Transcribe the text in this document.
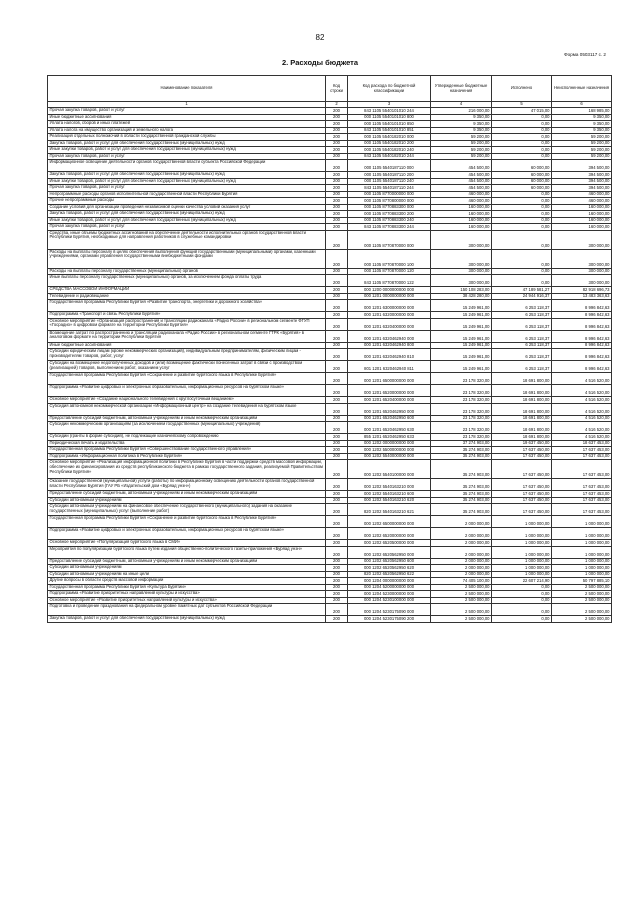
82
Форма 0503117 с. 2
2. Расходы бюджета
Наименование показателя	Код строки	Код расхода по бюджетной классификации	Утвержденные бюджетные назначения	Исполнено	Неисполненные назначения
1	2	3	4	5	6
Прочая закупка товаров, работ и услуг	200	843 1105 5540101010 244	216 000,00	47 015,00	168 985,00
Иные бюджетные ассигнования	200	000 1105 5540101010 800	9 350,00	0,00	9 350,00
Уплата налогов, сборов и иных платежей	200	000 1105 5540101010 850	9 350,00	0,00	9 350,00
Уплата налога на имущество организаций и земельного налога	200	843 1105 5540101010 851	9 350,00	0,00	9 350,00
Реализация отдельных полномочий в области государственной гражданской службы	200	000 1105 5540182010 000	59 200,00	0,00	59 200,00
Закупка товаров, работ и услуг для обеспечения государственных (муниципальных) нужд	200	000 1105 5540182010 200	59 200,00	0,00	59 200,00
Иные закупки товаров, работ и услуг для обеспечения государственных (муниципальных) нужд	200	000 1105 5540182010 240	59 200,00	0,00	59 200,00
Прочая закупка товаров, работ и услуг	200	843 1105 5540182010 244	59 200,00	0,00	59 200,00
Информационное освещение деятельности органов государственной власти субъекта Российской Федерации	200	000 1105 5540187110 000	454 500,00	60 000,00	394 500,00
Закупка товаров, работ и услуг для обеспечения государственных (муниципальных) нужд	200	000 1105 5540187110 200	454 500,00	60 000,00	394 500,00
Иные закупки товаров, работ и услуг для обеспечения государственных (муниципальных) нужд	200	000 1105 5540187110 240	454 500,00	60 000,00	394 500,00
Прочая закупка товаров, работ и услуг	200	843 1105 5540187110 244	454 500,00	60 000,00	394 500,00
Непрограммные расходы органов исполнительной государственной власти Республики Бурятия	200	000 1105 8770000000 000	460 000,00	0,00	460 000,00
Прочие непрограммные расходы	200	000 1105 8770800000 000	460 000,00	0,00	460 000,00
Создание условий для организации проведения независимой оценки качества условий оказания услуг	200	000 1105 8770883300 000	160 000,00	0,00	160 000,00
Закупка товаров, работ и услуг для обеспечения государственных (муниципальных) нужд	200	000 1105 8770883300 200	160 000,00	0,00	160 000,00
Иные закупки товаров, работ и услуг для обеспечения государственных (муниципальных) нужд	200	000 1105 8770883300 240	160 000,00	0,00	160 000,00
Прочая закупка товаров, работ и услуг	200	843 1105 8770883300 244	160 000,00	0,00	160 000,00
Средства, иные объемы бюджетных ассигнований на обеспечение деятельности исполнительных органов государственной власти Республики Бурятия, необходимые для направления работников в служебные командировки	200	000 1105 8770870000 000	300 000,00	0,00	300 000,00
Расходы на выплаты персоналу в целях обеспечения выполнения функций государственными (муниципальными) органами, казенными учреждениями, органами управления государственными внебюджетными фондами	200	000 1105 8770870000 100	300 000,00	0,00	300 000,00
Расходы на выплаты персоналу государственных (муниципальных) органов	200	000 1105 8770870000 120	300 000,00	0,00	300 000,00
Иные выплаты персоналу государственных (муниципальных) органов, за исключением фонда оплаты труда	200	843 1105 8770870000 122	300 000,00	0,00	300 000,00
СРЕДСТВА МАССОВОЙ ИНФОРМАЦИИ	200	000 1200 0000000000 000	150 108 283,00	47 189 581,27	82 918 696,73
Телевидение и радиовещание	200	000 1201 0000000000 000	38 428 280,00	24 944 916,37	13 483 363,63
Государственная программа Республики Бурятия «Развитие транспорта, энергетики и дорожного хозяйства»	200	000 1201 6300000000 000	15 249 961,00	6 253 118,37	8 996 842,63
Подпрограмма «Транспорт и связь Республики Бурятия»	200	000 1201 6320000000 000	15 249 961,00	6 253 118,37	8 996 842,63
Основное мероприятие «Организация распространения и трансляции радиоканала «Радио России» в региональном сегменте ФГУП «Госрадио» в цифровом формате на территории Республики Бурятия»	200	000 1201 6320400000 000	15 249 961,00	6 253 118,37	8 996 842,63
Возмещение затрат по распространению и трансляции радиоканала «Радио России» в региональном сегменте ГТРК «Бурятия» в аналоговом формате на территории Республики Бурятия	200	000 1201 6320462940 000	15 249 961,00	6 253 118,37	8 996 842,63
Иные бюджетные ассигнования	200	000 1201 6320462940 800	15 249 961,00	6 253 118,37	8 996 842,63
Субсидии юридическим лицам (кроме некоммерческих организаций), индивидуальным предпринимателям, физическим лицам - производителям товаров, работ, услуг	200	000 1201 6320462940 810	15 249 961,00	6 253 118,37	8 996 842,63
Субсидии на возмещение недополученных доходов и (или) возмещение фактически понесенных затрат в связи с производством (реализацией) товаров, выполнением работ, оказанием услуг	200	801 1201 6320462940 811	15 249 961,00	6 253 118,37	8 996 842,63
Государственная программа Республики Бурятия «Сохранение и развитие бурятского языка в Республике Бурятия»	200	000 1201 6500000000 000	23 178 320,00	18 691 800,00	4 516 520,00
Подпрограмма «Развитие цифровых и электронных образовательных, информационных ресурсов на бурятском языке»	200	000 1201 6520000000 000	23 178 320,00	18 691 800,00	4 516 520,00
Основное мероприятие «Создание национального телевидения с круглосуточным вещанием»	200	000 1201 6520400000 000	23 178 320,00	18 691 800,00	4 516 520,00
Субсидия автономной некоммерческой организации «Информационный центр» на создание телевидения на бурятском языке	200	000 1201 6520462950 000	23 178 320,00	18 691 800,00	4 516 520,00
Предоставление субсидий бюджетным, автономным учреждениям и иным некоммерческим организациям	200	000 1201 6520462950 600	23 178 320,00	18 691 800,00	4 516 520,00
Субсидии некоммерческим организациям (за исключением государственных (муниципальных) учреждений)	200	000 1201 6520462950 630	23 178 320,00	18 691 800,00	4 516 520,00
Субсидии (гранты в форме субсидий), не подлежащие казначейскому сопровождению	200	855 1201 6520462950 633	23 178 320,00	18 691 800,00	4 516 520,00
Периодическая печать и издательства	200	000 1202 0000000000 000	37 274 903,00	19 637 450,00	18 637 453,00
Государственная программа Республики Бурятия «Совершенствование государственного управления»	200	000 1202 5500000000 000	35 274 903,00	17 637 450,00	17 637 453,00
Подпрограмма «Информационная политика в Республике Бурятия»	200	000 1202 5540000000 000	35 274 903,00	17 637 450,00	17 637 453,00
Основное мероприятие «Реализация информационной политики в Республике Бурятия в части поддержки средств массовой информации, обеспечение их финансирования из средств республиканского бюджета в рамках государственного задания, реализуемой Правительством Республики Бурятия»	200	000 1202 5540100000 000	35 274 903,00	17 637 450,00	17 637 453,00
Оказание государственной (муниципальной) услуги (работы) по информационному освещению деятельности органов государственной власти Республики Бурятия (ГАУ РБ «Издательский дом «Буряад унэн»)	200	000 1202 5540163210 000	35 274 903,00	17 637 450,00	17 637 453,00
Предоставление субсидий бюджетным, автономным учреждениям и иным некоммерческим организациям	200	000 1202 5540163210 600	35 274 903,00	17 637 450,00	17 637 453,00
Субсидии автономным учреждениям	200	000 1202 5540163210 620	35 274 903,00	17 637 450,00	17 637 453,00
Субсидии автономным учреждениям на финансовое обеспечение государственного (муниципального) задания на оказание государственных (муниципальных) услуг (выполнение работ)	200	820 1202 5540163210 621	35 274 903,00	17 637 450,00	17 637 453,00
Государственная программа Республики Бурятия «Сохранение и развитие бурятского языка в Республике Бурятия»	200	000 1202 6500000000 000	2 000 000,00	1 000 000,00	1 000 000,00
Подпрограмма «Развитие цифровых и электронных образовательных, информационных ресурсов на бурятском языке»	200	000 1202 6520000000 000	2 000 000,00	1 000 000,00	1 000 000,00
Основное мероприятие «Популяризация бурятского языка в СМИ»	200	000 1202 6520500000 000	2 000 000,00	1 000 000,00	1 000 000,00
Мероприятия по популяризации бурятского языка путем издания общественно-политического газеты-приложения «Буряад унэн»	200	000 1202 6520562950 000	2 000 000,00	1 000 000,00	1 000 000,00
Предоставление субсидий бюджетным, автономным учреждениям и иным некоммерческим организациям	200	000 1202 6520562950 600	2 000 000,00	1 000 000,00	1 000 000,00
Субсидии автономным учреждениям	200	000 1202 6520562950 620	2 000 000,00	1 000 000,00	1 000 000,00
Субсидии автономным учреждениям на иные цели	200	820 1202 6520562950 622	2 000 000,00	1 000 000,00	1 000 000,00
Другие вопросы в области средств массовой информации	200	000 1204 0000000000 000	74 405 100,00	22 607 214,90	50 797 885,10
Государственная программа Республики Бурятия «Культура Бурятии»	200	000 1204 5200000000 000	2 500 000,00	0,00	2 500 000,00
Подпрограмма «Развитие приоритетных направлений культуры и искусства»	200	000 1204 5230000000 000	2 500 000,00	0,00	2 500 000,00
Основное мероприятие «Развитие приоритетных направлений культуры и искусства»	200	000 1204 5230100000 000	2 500 000,00	0,00	2 500 000,00
Подготовка и проведение празднования на федеральном уровне памятных дат субъектов Российской Федерации	200	000 1204 5230175090 000	2 500 000,00	0,00	2 500 000,00
Закупка товаров, работ и услуг для обеспечения государственных (муниципальных) нужд	200	000 1204 5230175090 200	2 500 000,00	0,00	2 500 000,00
